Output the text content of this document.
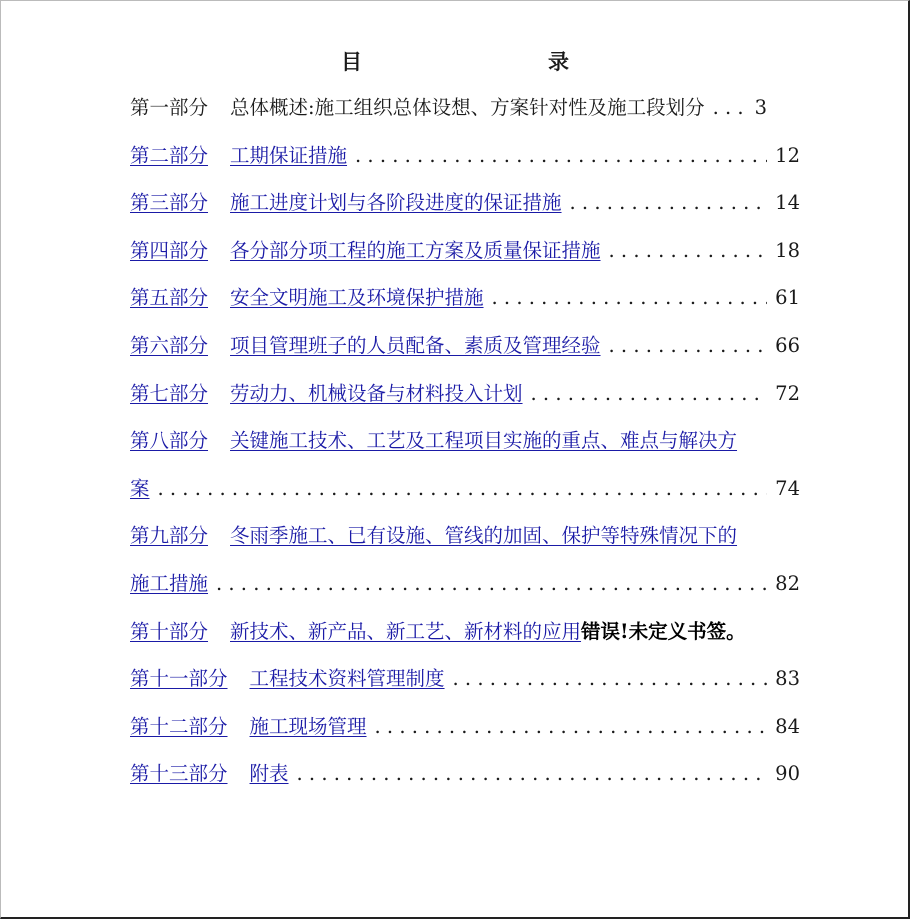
目　　录
第一部分 总体概述:施工组织总体设想、方案针对性及施工段划分 . . .	3
第二部分 工期保证措施 . . .	12
第三部分 施工进度计划与各阶段进度的保证措施 . . .	14
第四部分 各分部分项工程的施工方案及质量保证措施 . . .	18
第五部分 安全文明施工及环境保护措施 . . .	61
第六部分 项目管理班子的人员配备、素质及管理经验 . . .	66
第七部分 劳动力、机械设备与材料投入计划 . . .	72
第八部分 关键施工技术、工艺及工程项目实施的重点、难点与解决方
案 . . .	74
第九部分 冬雨季施工、已有设施、管线的加固、保护等特殊情况下的
施工措施 . . .	82
第十部分 新技术、新产品、新工艺、新材料的应用 错误!未定义书签。
第十一部分 工程技术资料管理制度 . . .	83
第十二部分 施工现场管理 . . .	84
第十三部分 附表 . . .	90
